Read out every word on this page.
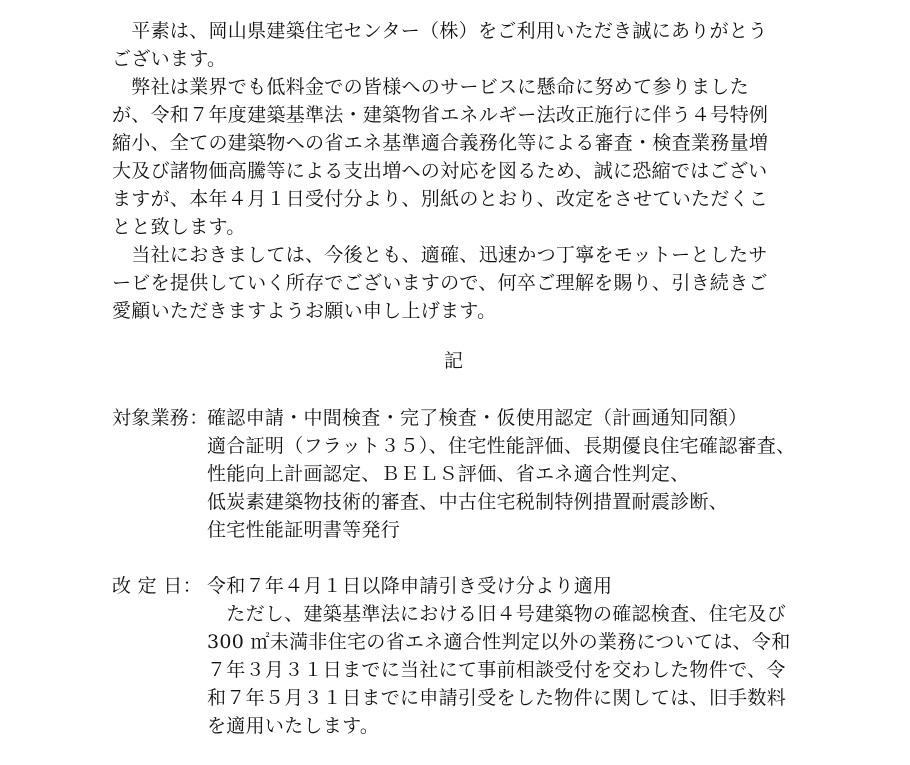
　平素は、岡山県建築住宅センター（株）をご利用いただき誠にありがとう
ございます。
　弊社は業界でも低料金での皆様へのサービスに懸命に努めて参りました
が、令和７年度建築基準法・建築物省エネルギー法改正施行に伴う４号特例
縮小、全ての建築物への省エネ基準適合義務化等による審査・検査業務量増
大及び諸物価高騰等による支出増への対応を図るため、誠に恐縮ではござい
ますが、本年４月１日受付分より、別紙のとおり、改定をさせていただくこ
とと致します。
　当社におきましては、今後とも、適確、迅速かつ丁寧をモットーとしたサ
ービを提供していく所存でございますので、何卒ご理解を賜り、引き続きご
愛顧いただきますようお願い申し上げます。
記
対象業務：
確認申請・中間検査・完了検査・仮使用認定（計画通知同額）
適合証明（フラット３５）、住宅性能評価、長期優良住宅確認審査、
性能向上計画認定、ＢＥＬＳ評価、省エネ適合性判定、
低炭素建築物技術的審査、中古住宅税制特例措置耐震診断、
住宅性能証明書等発行
改 定 日： 令和７年４月１日以降申請引き受け分より適用
　ただし、建築基準法における旧４号建築物の確認検査、住宅及び
300 ㎡未満非住宅の省エネ適合性判定以外の業務については、令和
７年３月３１日までに当社にて事前相談受付を交わした物件で、令
和７年５月３１日までに申請引受をした物件に関しては、旧手数料
を適用いたします。
